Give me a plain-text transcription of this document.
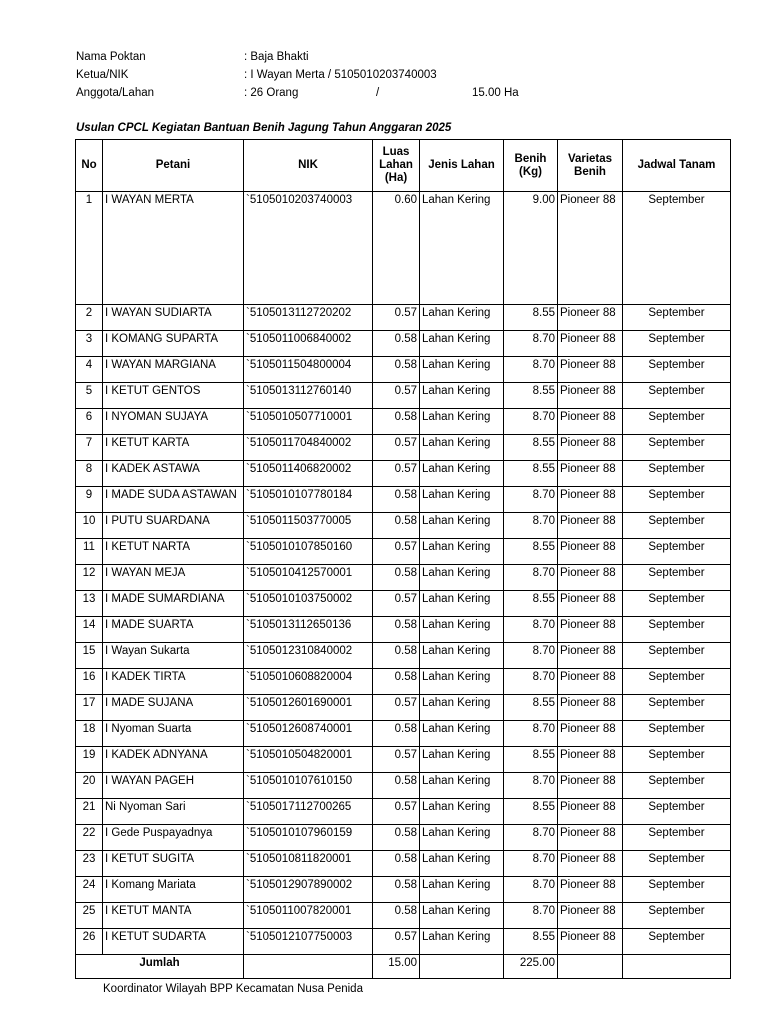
Nama Poktan	: Baja Bhakti
Ketua/NIK	: I Wayan Merta / 5105010203740003
Anggota/Lahan	: 26 Orang	/	15.00 Ha
Usulan CPCL Kegiatan Bantuan Benih Jagung Tahun Anggaran 2025
No	Petani	NIK	Luas Lahan (Ha)	Jenis Lahan	Benih (Kg)	Varietas Benih	Jadwal Tanam
1	I WAYAN MERTA	`5105010203740003	0.60	Lahan Kering	9.00	Pioneer 88	September
2	I WAYAN SUDIARTA	`5105013112720202	0.57	Lahan Kering	8.55	Pioneer 88	September
3	I KOMANG SUPARTA	`5105011006840002	0.58	Lahan Kering	8.70	Pioneer 88	September
4	I WAYAN MARGIANA	`5105011504800004	0.58	Lahan Kering	8.70	Pioneer 88	September
5	I KETUT GENTOS	`5105013112760140	0.57	Lahan Kering	8.55	Pioneer 88	September
6	I NYOMAN SUJAYA	`5105010507710001	0.58	Lahan Kering	8.70	Pioneer 88	September
7	I KETUT KARTA	`5105011704840002	0.57	Lahan Kering	8.55	Pioneer 88	September
8	I KADEK ASTAWA	`5105011406820002	0.57	Lahan Kering	8.55	Pioneer 88	September
9	I MADE SUDA ASTAWAN	`5105010107780184	0.58	Lahan Kering	8.70	Pioneer 88	September
10	I PUTU SUARDANA	`5105011503770005	0.58	Lahan Kering	8.70	Pioneer 88	September
11	I KETUT NARTA	`5105010107850160	0.57	Lahan Kering	8.55	Pioneer 88	September
12	I WAYAN MEJA	`5105010412570001	0.58	Lahan Kering	8.70	Pioneer 88	September
13	I MADE SUMARDIANA	`5105010103750002	0.57	Lahan Kering	8.55	Pioneer 88	September
14	I MADE SUARTA	`5105013112650136	0.58	Lahan Kering	8.70	Pioneer 88	September
15	I Wayan Sukarta	`5105012310840002	0.58	Lahan Kering	8.70	Pioneer 88	September
16	I KADEK TIRTA	`5105010608820004	0.58	Lahan Kering	8.70	Pioneer 88	September
17	I MADE SUJANA	`5105012601690001	0.57	Lahan Kering	8.55	Pioneer 88	September
18	I Nyoman Suarta	`5105012608740001	0.58	Lahan Kering	8.70	Pioneer 88	September
19	I KADEK ADNYANA	`5105010504820001	0.57	Lahan Kering	8.55	Pioneer 88	September
20	I WAYAN PAGEH	`5105010107610150	0.58	Lahan Kering	8.70	Pioneer 88	September
21	Ni Nyoman Sari	`5105017112700265	0.57	Lahan Kering	8.55	Pioneer 88	September
22	I Gede Puspayadnya	`5105010107960159	0.58	Lahan Kering	8.70	Pioneer 88	September
23	I KETUT SUGITA	`5105010811820001	0.58	Lahan Kering	8.70	Pioneer 88	September
24	I Komang Mariata	`5105012907890002	0.58	Lahan Kering	8.70	Pioneer 88	September
25	I KETUT MANTA	`5105011007820001	0.58	Lahan Kering	8.70	Pioneer 88	September
26	I KETUT SUDARTA	`5105012107750003	0.57	Lahan Kering	8.55	Pioneer 88	September
Jumlah			15.00		225.00		
Koordinator Wilayah BPP Kecamatan Nusa Penida
